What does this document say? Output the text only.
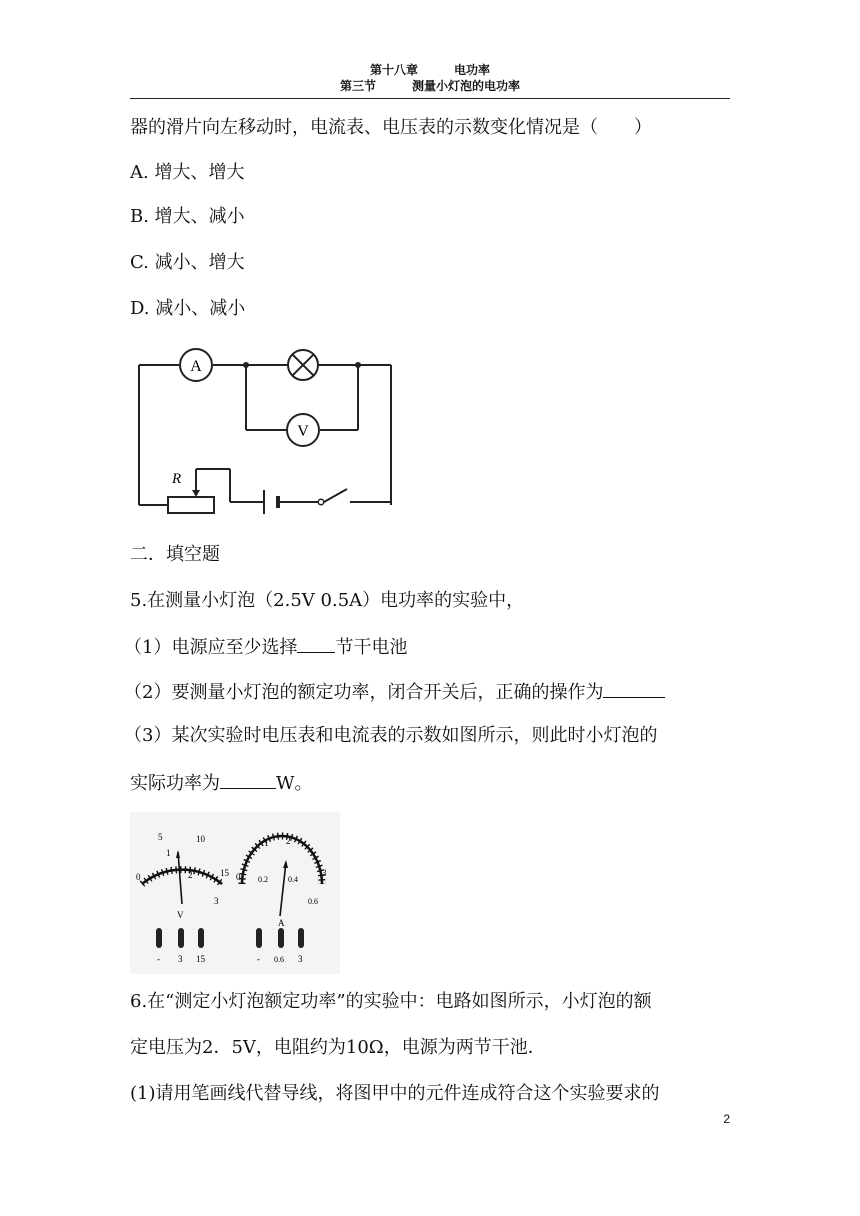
第十八章	电功率
第三节	测量小灯泡的电功率
器的滑片向左移动时，电流表、电压表的示数变化情况是（　　）
A. 增大、增大
B. 增大、减小
C. 减小、增大
D. 减小、减小
A
V
R
二．填空题
5.在测量小灯泡（2.5V 0.5A）电功率的实验中，
（1）电源应至少选择 节干电池
（2）要测量小灯泡的额定功率，闭合开关后，正确的操作为
（3）某次实验时电压表和电流表的示数如图所示，则此时小灯泡的
实际功率为	W。
5	10
15
0
1
2
3
V
- 3 15
1 2
3
0 0.2	0.4
0.6
A
- 0.6 3
6.在“测定小灯泡额定功率”的实验中：电路如图所示，小灯泡的额
定电压为2．5V，电阻约为10Ω，电源为两节干池．
(1)请用笔画线代替导线，将图甲中的元件连成符合这个实验要求的
2
